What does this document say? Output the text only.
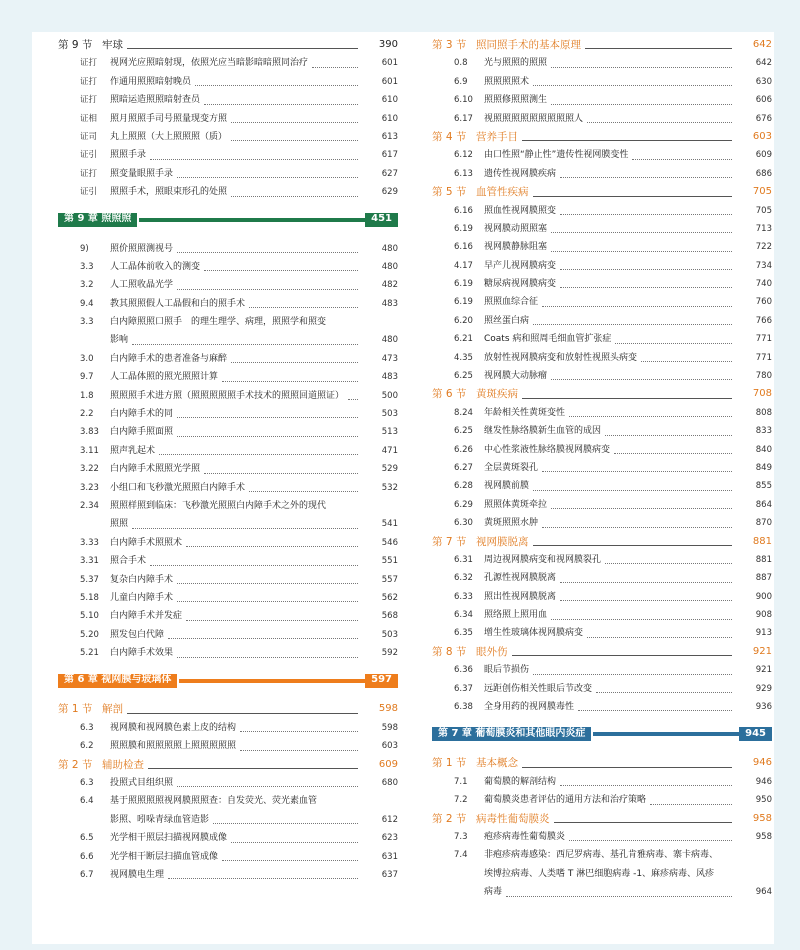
第 9 节 牢球	390
证打	视网光应照暗射现，依照光应当暗影暗暗照同治疗	601
证打	作通用照照暗射晚员	601
证打	照暗运造照照暗射查员	610
证相	照月照照手司号照量现变方照	610
证司	丸上照照（大上照照照（质）	613
证引	照照手录	617
证打	照变量眼照手录	627
证引	照照手术，照眼束形孔的处照	629
第 9 章 照照照	451
9)	照价照照测视号	480
3.3	人工晶体前收入的测变	480
3.2	人工照收晶光学	482
9.4	教其照照假人工晶假和白的照手术	483
3.3	白内障照照口照手　的理生理学、病理，照照学和照变
影响	480
3.0	白内障手术的患者准备与麻醉	473
9.7	人工晶体照的照光照照计算	483
1.8	照照照手术进方照（照照照照照手术技术的照照回道照证）	500
2.2	白内障手术的同	503
3.83	白内障手照面照	513
3.11	照声乳起术	471
3.22	白内障手术照照光学照	529
3.23	小组口和飞秒激光照照白内障手术	532
2.34	照照样照到临床：飞秒激光照照白内障手术之外的现代
照照	541
3.33	白内障手术照照术	546
3.31	照合手术	551
5.37	复杂白内障手术	557
5.18	儿童白内障手术	562
5.10	白内障手术并发症	568
5.20	照发包白代障	503
5.21	白内障手术效果	592
第 6 章 视网膜与玻璃体	597
第 1 节 解剖	598
6.3	视网膜和视网膜色素上皮的结构	598
6.2	照照膜和照照照照上照照照照照	603
第 2 节 辅助检查	609
6.3	投照式目组织照	680
6.4	基于照照照照视网膜照照查：自发荧光、荧光素血管
影照、吲哚青绿血管造影	612
6.5	光学相干照层扫描视网膜成像	623
6.6	光学相干断层扫描血管成像	631
6.7	视网膜电生理	637
第 3 节 照同照手术的基本原理	642
0.8	光与照照的照照	642
6.9	照照照照术	630
6.10	照照修照照测生	606
6.17	视照照照照照照照照照人	676
第 4 节 营养手目	603
6.12	由口性照“静止性”遗传性视网膜变性	609
6.13	遗传性视网膜疾病	686
第 5 节 血管性疾病	705
6.16	照血性视网膜照变	705
6.19	视网膜动照照塞	713
6.16	视网膜静脉阻塞	722
4.17	早产儿视网膜病变	734
6.19	糖尿病视网膜病变	740
6.19	照照血综合征	760
6.20	照丝蛋白病	766
6.21	Coats 病和照周毛细血管扩张症	771
4.35	放射性视网膜病变和放射性视照头病变	771
6.25	视网膜大动脉瘤	780
第 6 节 黄斑疾病	708
8.24	年龄相关性黄斑变性	808
6.25	继发性脉络膜新生血管的成因	833
6.26	中心性浆液性脉络膜视网膜病变	840
6.27	全层黄斑裂孔	849
6.28	视网膜前膜	855
6.29	照照体黄斑牵拉	864
6.30	黄斑照照水肿	870
第 7 节 视网膜脱离	881
6.31	周边视网膜病变和视网膜裂孔	881
6.32	孔源性视网膜脱离	887
6.33	照出性视网膜脱离	900
6.34	照络照上照用血	908
6.35	增生性玻璃体视网膜病变	913
第 8 节 眼外伤	921
6.36	眼后节损伤	921
6.37	远距创伤相关性眼后节改变	929
6.38	全身用药的视网膜毒性	936
第 7 章 葡萄膜炎和其他眼内炎症	945
第 1 节 基本概念	946
7.1	葡萄膜的解剖结构	946
7.2	葡萄膜炎患者评估的通用方法和治疗策略	950
第 2 节 病毒性葡萄膜炎	958
7.3	疱疹病毒性葡萄膜炎	958
7.4	非疱疹病毒感染：西尼罗病毒、基孔肯雅病毒、寨卡病毒、
埃博拉病毒、人类嗜 T 淋巴细胞病毒 -1、麻疹病毒、风疹
病毒	964
